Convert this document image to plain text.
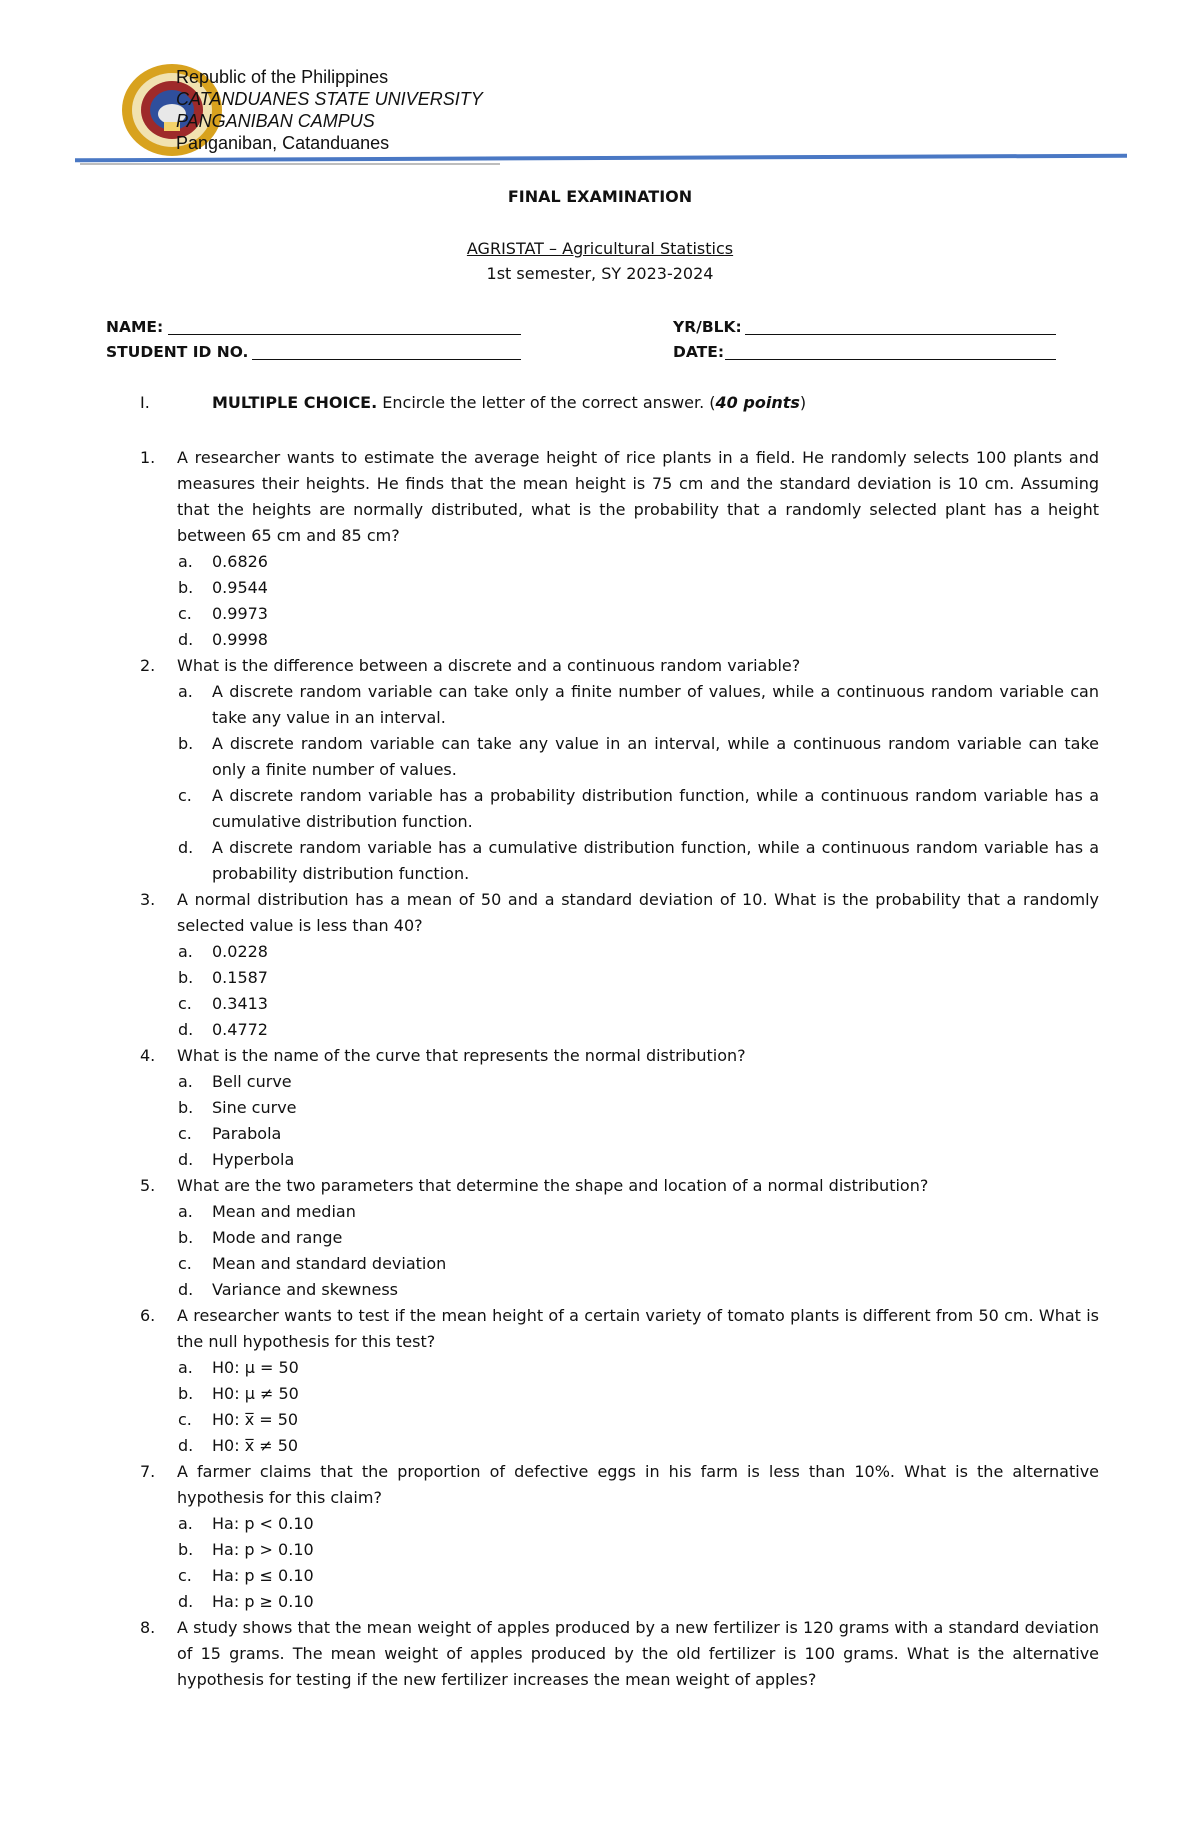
Republic of the Philippines
CATANDUANES STATE UNIVERSITY
PANGANIBAN CAMPUS
Panganiban, Catanduanes
FINAL EXAMINATION
AGRISTAT – Agricultural Statistics
1st semester, SY 2023-2024
NAME:	YR/BLK:
STUDENT ID NO.	DATE:
I.	MULTIPLE CHOICE. Encircle the letter of the correct answer. (40 points)
1. A researcher wants to estimate the average height of rice plants in a field. He randomly selects 100 plants and measures their heights. He finds that the mean height is 75 cm and the standard deviation is 10 cm. Assuming that the heights are normally distributed, what is the probability that a randomly selected plant has a height between 65 cm and 85 cm?
a. 0.6826
b. 0.9544
c. 0.9973
d. 0.9998
2. What is the difference between a discrete and a continuous random variable?
a. A discrete random variable can take only a finite number of values, while a continuous random variable can take any value in an interval.
b. A discrete random variable can take any value in an interval, while a continuous random variable can take only a finite number of values.
c. A discrete random variable has a probability distribution function, while a continuous random variable has a cumulative distribution function.
d. A discrete random variable has a cumulative distribution function, while a continuous random variable has a probability distribution function.
3. A normal distribution has a mean of 50 and a standard deviation of 10. What is the probability that a randomly selected value is less than 40?
a. 0.0228
b. 0.1587
c. 0.3413
d. 0.4772
4. What is the name of the curve that represents the normal distribution?
a. Bell curve
b. Sine curve
c. Parabola
d. Hyperbola
5. What are the two parameters that determine the shape and location of a normal distribution?
a. Mean and median
b. Mode and range
c. Mean and standard deviation
d. Variance and skewness
6. A researcher wants to test if the mean height of a certain variety of tomato plants is different from 50 cm. What is the null hypothesis for this test?
a. H0: µ = 50
b. H0: µ ≠ 50
c. H0: x̅ = 50
d. H0: x̅ ≠ 50
7. A farmer claims that the proportion of defective eggs in his farm is less than 10%. What is the alternative hypothesis for this claim?
a. Ha: p < 0.10
b. Ha: p > 0.10
c. Ha: p ≤ 0.10
d. Ha: p ≥ 0.10
8. A study shows that the mean weight of apples produced by a new fertilizer is 120 grams with a standard deviation of 15 grams. The mean weight of apples produced by the old fertilizer is 100 grams. What is the alternative hypothesis for testing if the new fertilizer increases the mean weight of apples?
